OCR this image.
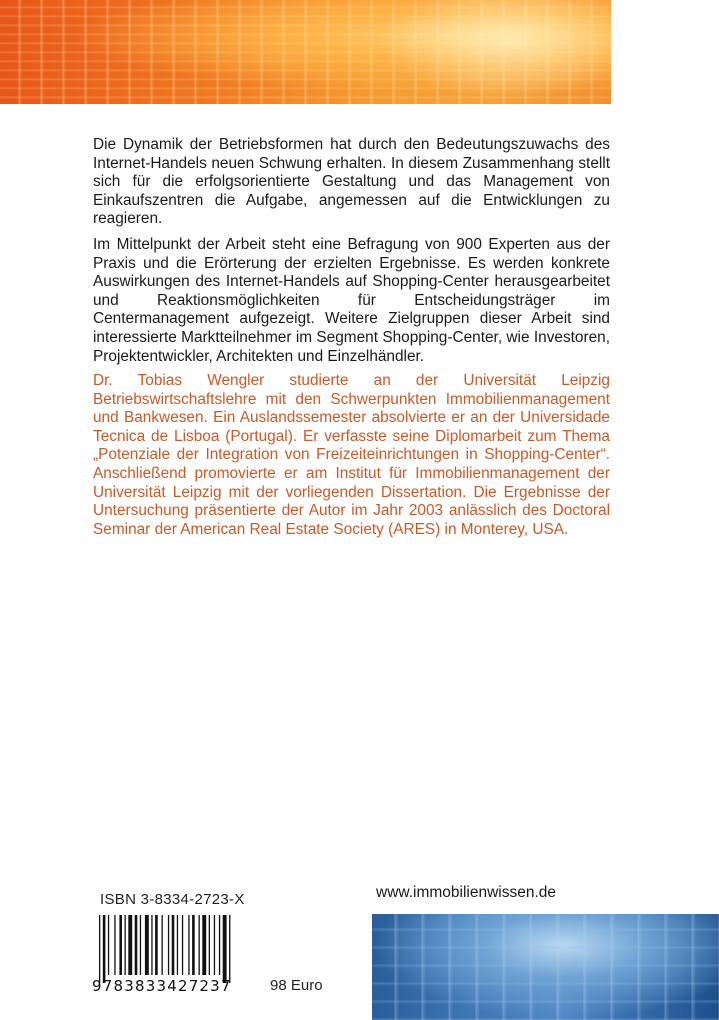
Die Dynamik der Betriebsformen hat durch den Bedeutungszuwachs des Internet-Handels neuen Schwung erhalten. In diesem Zusammenhang stellt sich für die erfolgsorientierte Gestaltung und das Management von Einkaufszentren die Aufgabe, angemessen auf die Entwicklungen zu reagieren.

Im Mittelpunkt der Arbeit steht eine Befragung von 900 Experten aus der Praxis und die Erörterung der erzielten Ergebnisse. Es werden konkrete Auswirkungen des Internet-Handels auf Shopping-Center herausgearbeitet und Reaktionsmöglichkeiten für Entscheidungsträger im Centermanagement aufgezeigt. Weitere Zielgruppen dieser Arbeit sind interessierte Marktteilnehmer im Segment Shopping-Center, wie Investoren, Projektentwickler, Architekten und Einzelhändler.

Dr. Tobias Wengler studierte an der Universität Leipzig Betriebswirtschaftslehre mit den Schwerpunkten Immobilienmanagement und Bankwesen. Ein Auslandssemester absolvierte er an der Universidade Tecnica de Lisboa (Portugal). Er verfasste seine Diplomarbeit zum Thema „Potenziale der Integration von Freizeiteinrichtungen in Shopping-Center“. Anschließend promovierte er am Institut für Immobilienmanagement der Universität Leipzig mit der vorliegenden Dissertation. Die Ergebnisse der Untersuchung präsentierte der Autor im Jahr 2003 anlässlich des Doctoral Seminar der American Real Estate Society (ARES) in Monterey, USA.

ISBN 3-8334-2723-X
9783833427237	98 Euro
www.immobilienwissen.de
